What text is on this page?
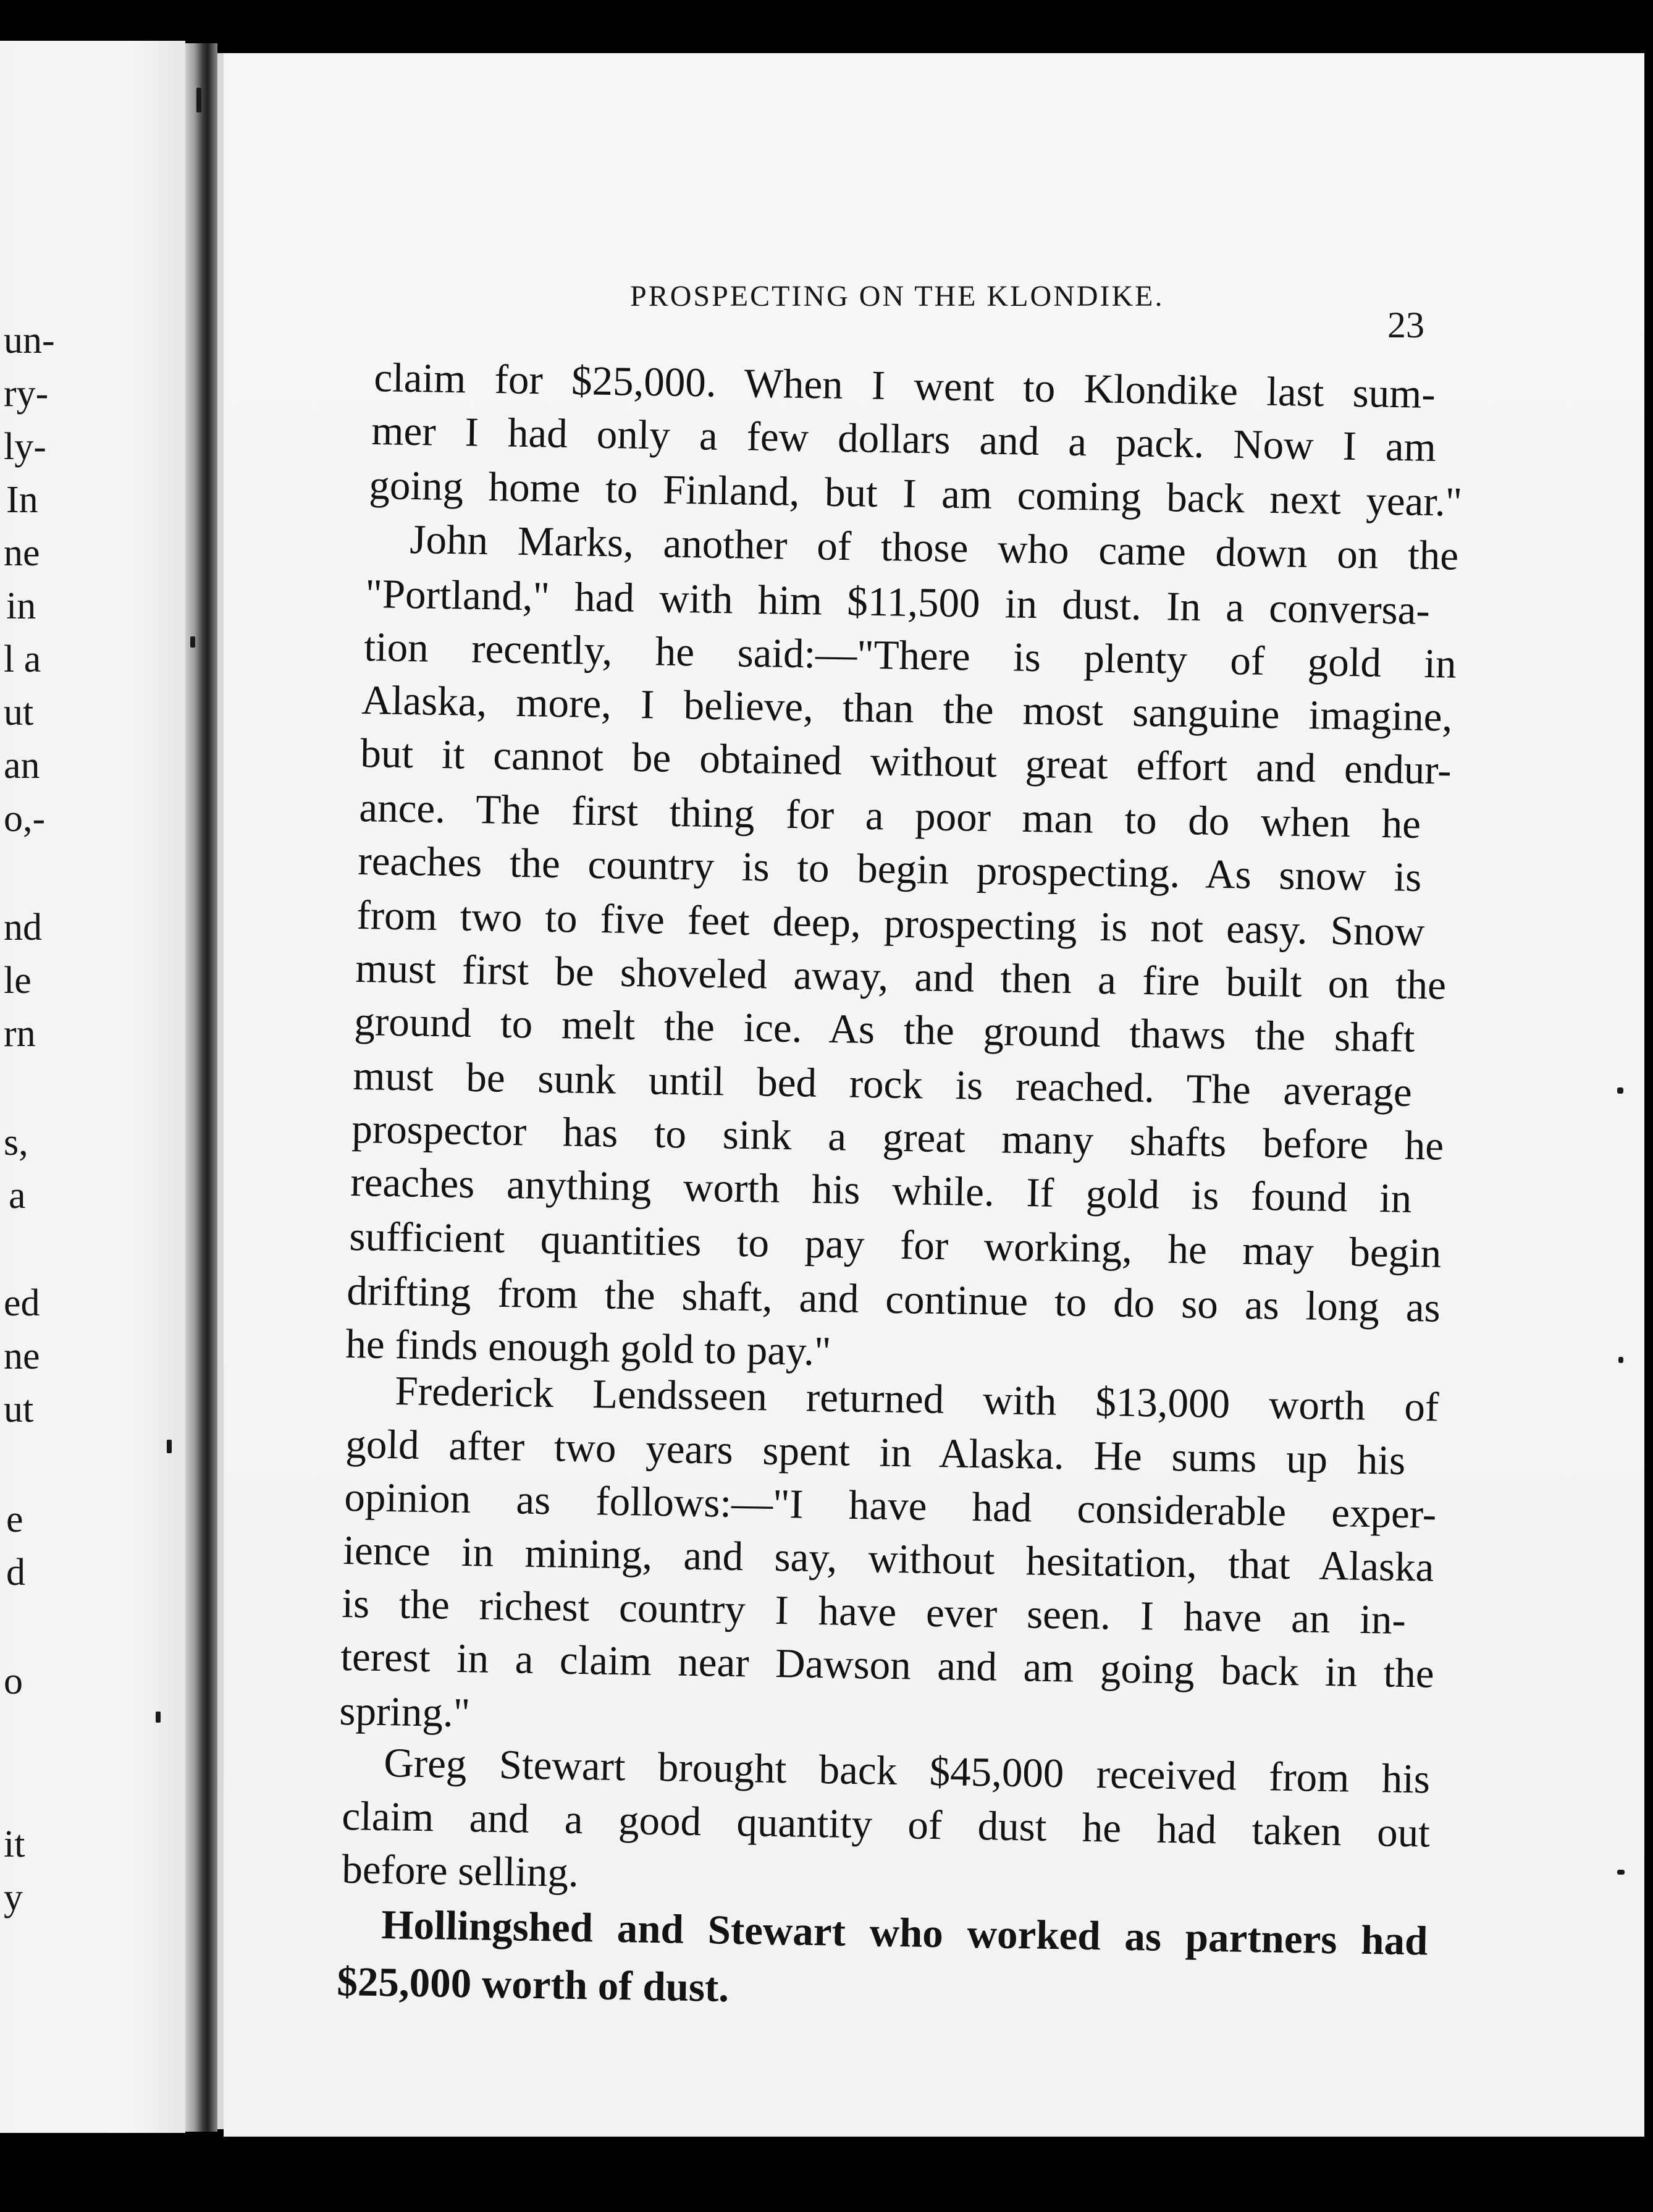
un-
ry-
ly-
In
ne
in
l a
ut
an
o,-
nd
le
rn
s,
a
ed
ne
ut
e
d
o
it
y
PROSPECTING ON THE KLONDIKE.
23
claim for $25,000. When I went to Klondike last sum-
mer I had only a few dollars and a pack. Now I am
going home to Finland, but I am coming back next year."
John Marks, another of those who came down on the
"Portland," had with him $11,500 in dust. In a conversa-
tion recently, he said:—"There is plenty of gold in
Alaska, more, I believe, than the most sanguine imagine,
but it cannot be obtained without great effort and endur-
ance. The first thing for a poor man to do when he
reaches the country is to begin prospecting. As snow is
from two to five feet deep, prospecting is not easy. Snow
must first be shoveled away, and then a fire built on the
ground to melt the ice. As the ground thaws the shaft
must be sunk until bed rock is reached. The average
prospector has to sink a great many shafts before he
reaches anything worth his while. If gold is found in
sufficient quantities to pay for working, he may begin
drifting from the shaft, and continue to do so as long as
he finds enough gold to pay."
Frederick Lendsseen returned with $13,000 worth of
gold after two years spent in Alaska. He sums up his
opinion as follows:—"I have had considerable exper-
ience in mining, and say, without hesitation, that Alaska
is the richest country I have ever seen. I have an in-
terest in a claim near Dawson and am going back in the
spring."
Greg Stewart brought back $45,000 received from his
claim and a good quantity of dust he had taken out
before selling.
Hollingshed and Stewart who worked as partners had
$25,000 worth of dust.
